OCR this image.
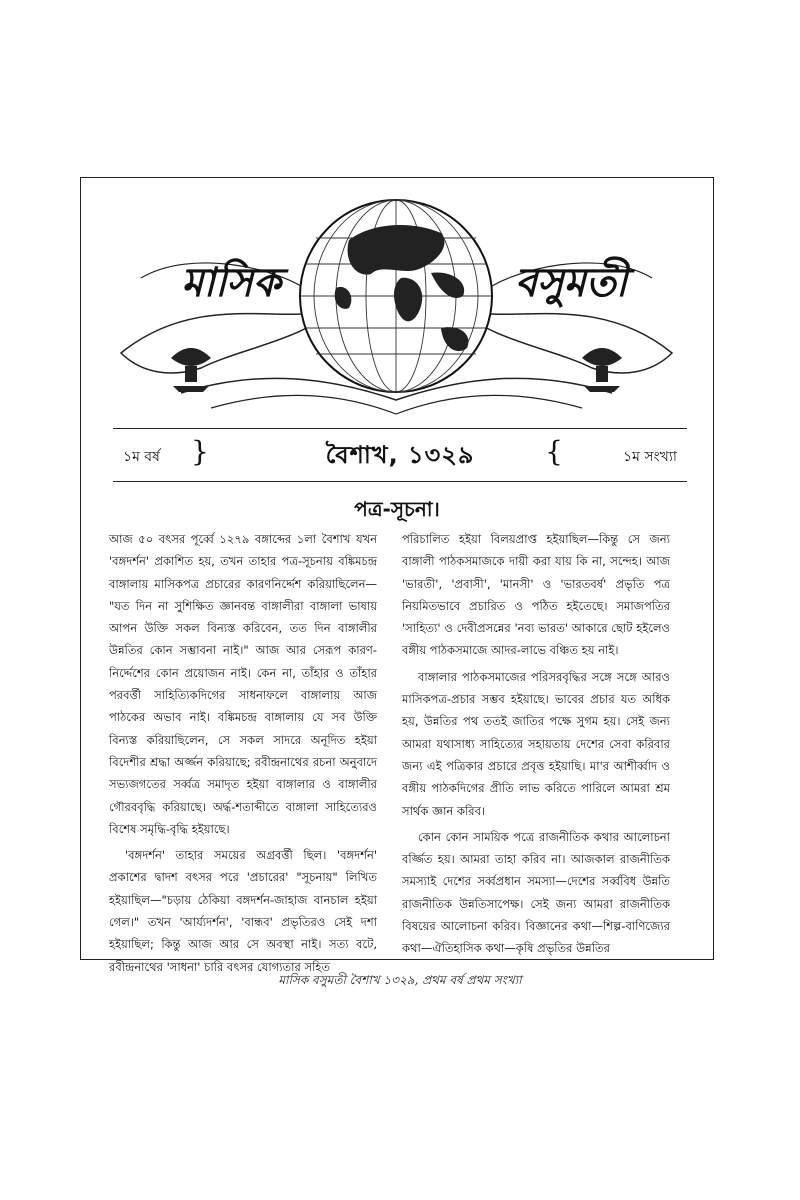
মাসিক	বসুমতী
১ম বর্ষ }	বৈশাখ, ১৩২৯	{	১ম সংখ্যা
পত্র-সূচনা।

আজ ৫০ বৎসর পূর্ব্বে ১২৭৯ বঙ্গাব্দের ১লা বৈশাখ যখন 'বঙ্গদর্শন' প্রকাশিত হয়, তখন তাহার পত্র-সূচনায় বঙ্কিমচন্দ্র বাঙ্গালায় মাসিকপত্র প্রচারের কারণনির্দ্দেশ করিয়াছিলেন— "যত দিন না সুশিক্ষিত জ্ঞানবন্ত বাঙ্গালীরা বাঙ্গালা ভাষায় আপন উক্তি সকল বিন্যস্ত করিবেন, তত দিন বাঙ্গালীর উন্নতির কোন সম্ভাবনা নাই।" আজ আর সেরূপ কারণ-নির্দ্দেশের কোন প্রয়োজন নাই। কেন না, তাঁহার ও তাঁহার পরবর্ত্তী সাহিত্যিকদিগের সাধনাফলে বাঙ্গালায় আজ পাঠকের অভাব নাই। বঙ্কিমচন্দ্র বাঙ্গালায় যে সব উক্তি বিন্যস্ত করিয়াছিলেন, সে সকল সাদরে অনূদিত হইয়া বিদেশীর শ্রদ্ধা অর্জ্জন করিয়াছে; রবীন্দ্রনাথের রচনা অনুবাদে সভ্যজগতের সর্ব্বত্র সমাদৃত হইয়া বাঙ্গালার ও বাঙ্গালীর গৌরববৃদ্ধি করিয়াছে। অর্দ্ধ-শতাব্দীতে বাঙ্গালা সাহিত্যেরও বিশেষ সমৃদ্ধি-বৃদ্ধি হইয়াছে।

'বঙ্গদর্শন' তাহার সময়ের অগ্রবর্ত্তী ছিল। 'বঙ্গদর্শন' প্রকাশের দ্বাদশ বৎসর পরে 'প্রচারের' "সূচনায়" লিখিত হইয়াছিল—"চড়ায় ঠেকিয়া বঙ্গদর্শন-জাহাজ বানচাল হইয়া গেল।" তখন 'আর্য্যদর্শন', 'বান্ধব' প্রভৃতিরও সেই দশা হইয়াছিল; কিন্তু আজ আর সে অবস্থা নাই। সত্য বটে, রবীন্দ্রনাথের 'সাধনা' চারি বৎসর যোগ্যতার সহিত

পরিচালিত হইয়া বিলয়প্রাপ্ত হইয়াছিল—কিন্তু সে জন্য বাঙ্গালী পাঠকসমাজকে দায়ী করা যায় কি না, সন্দেহ। আজ 'ভারতী', 'প্রবাসী', 'মানসী' ও 'ভারতবর্ষ' প্রভৃতি পত্র নিয়মিতভাবে প্রচারিত ও পঠিত হইতেছে। সমাজপতির 'সাহিত্য' ও দেবীপ্রসন্নের 'নব্য ভারত' আকারে ছোট হইলেও বঙ্গীয় পাঠকসমাজে আদর-লাভে বঞ্চিত হয় নাই।

বাঙ্গালার পাঠকসমাজের পরিসরবৃদ্ধির সঙ্গে সঙ্গে আরও মাসিকপত্র-প্রচার সম্ভব হইয়াছে। ভাবের প্রচার যত অধিক হয়, উন্নতির পথ ততই জাতির পক্ষে সুগম হয়। সেই জন্য আমরা যথাসাধ্য সাহিত্যের সহায়তায় দেশের সেবা করিবার জন্য এই পত্রিকার প্রচারে প্রবৃত্ত হইয়াছি। মা'র আশীর্ব্বাদ ও বঙ্গীয় পাঠকদিগের প্রীতি লাভ করিতে পারিলে আমরা শ্রম সার্থক জ্ঞান করিব।

কোন কোন সাময়িক পত্রে রাজনীতিক কথার আলোচনা বর্জ্জিত হয়। আমরা তাহা করিব না। আজকাল রাজনীতিক সমস্যাই দেশের সর্ব্বপ্রধান সমস্যা—দেশের সর্ব্ববিধ উন্নতি রাজনীতিক উন্নতিসাপেক্ষ। সেই জন্য আমরা রাজনীতিক বিষয়ের আলোচনা করিব। বিজ্ঞানের কথা—শিল্প-বাণিজ্যের কথা—ঐতিহাসিক কথা—কৃষি প্রভৃতির উন্নতির

মাসিক বসুমতী বৈশাখ ১৩২৯, প্রথম বর্ষ প্রথম সংখ্যা
